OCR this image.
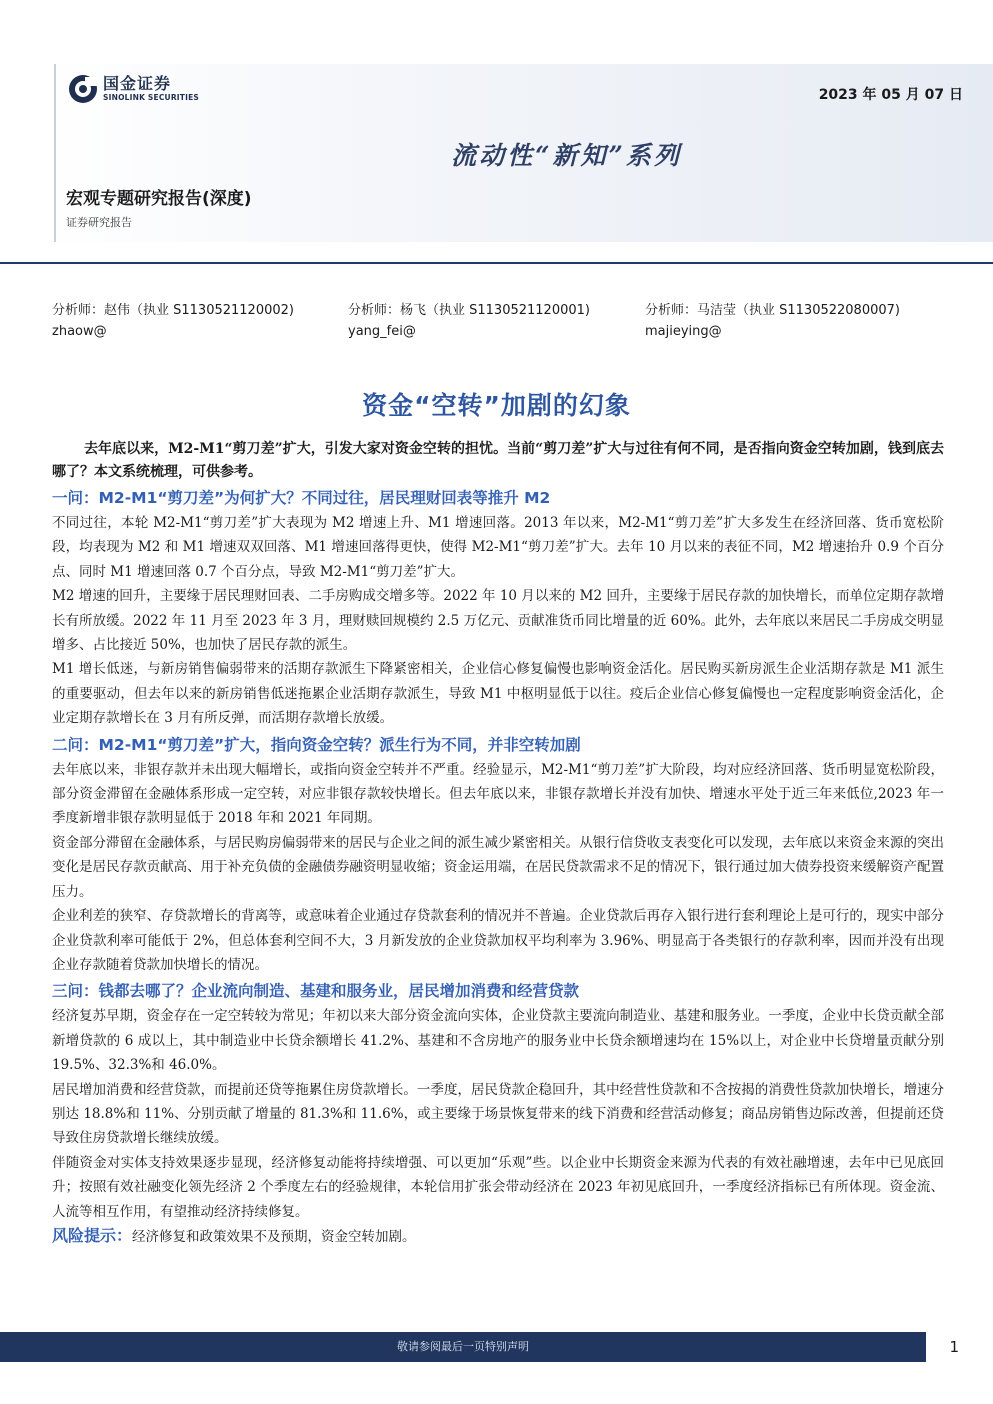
国金证券
SINOLINK SECURITIES	2023 年 05 月 07 日
流动性“新知”系列
宏观专题研究报告(深度)
证券研究报告
分析师：赵伟（执业 S1130521120002)
zhaow@
分析师：杨飞（执业 S1130521120001)
yang_fei@
分析师：马洁莹（执业 S1130522080007)
majieying@
资金“空转”加剧的幻象

去年底以来，M2-M1“剪刀差”扩大，引发大家对资金空转的担忧。当前“剪刀差”扩大与过往有何不同，是否指向资金空转加剧，钱到底去哪了？本文系统梳理，可供参考。

一问：M2-M1“剪刀差”为何扩大？不同过往，居民理财回表等推升 M2

不同过往，本轮 M2-M1“剪刀差”扩大表现为 M2 增速上升、M1 增速回落。2013 年以来，M2-M1“剪刀差”扩大多发生在经济回落、货币宽松阶段，均表现为 M2 和 M1 增速双双回落、M1 增速回落得更快，使得 M2-M1“剪刀差”扩大。去年 10 月以来的表征不同，M2 增速抬升 0.9 个百分点、同时 M1 增速回落 0.7 个百分点，导致 M2-M1“剪刀差”扩大。

M2 增速的回升，主要缘于居民理财回表、二手房购成交增多等。2022 年 10 月以来的 M2 回升，主要缘于居民存款的加快增长，而单位定期存款增长有所放缓。2022 年 11 月至 2023 年 3 月，理财赎回规模约 2.5 万亿元、贡献准货币同比增量的近 60%。此外，去年底以来居民二手房成交明显增多、占比接近 50%，也加快了居民存款的派生。

M1 增长低迷，与新房销售偏弱带来的活期存款派生下降紧密相关，企业信心修复偏慢也影响资金活化。居民购买新房派生企业活期存款是 M1 派生的重要驱动，但去年以来的新房销售低迷拖累企业活期存款派生，导致 M1 中枢明显低于以往。疫后企业信心修复偏慢也一定程度影响资金活化，企业定期存款增长在 3 月有所反弹，而活期存款增长放缓。

二问：M2-M1“剪刀差”扩大，指向资金空转？派生行为不同，并非空转加剧

去年底以来，非银存款并未出现大幅增长，或指向资金空转并不严重。经验显示，M2-M1“剪刀差”扩大阶段，均对应经济回落、货币明显宽松阶段，部分资金滞留在金融体系形成一定空转，对应非银存款较快增长。但去年底以来，非银存款增长并没有加快、增速水平处于近三年来低位,2023 年一季度新增非银存款明显低于 2018 年和 2021 年同期。

资金部分滞留在金融体系，与居民购房偏弱带来的居民与企业之间的派生减少紧密相关。从银行信贷收支表变化可以发现，去年底以来资金来源的突出变化是居民存款贡献高、用于补充负债的金融债券融资明显收缩；资金运用端，在居民贷款需求不足的情况下，银行通过加大债券投资来缓解资产配置压力。

企业利差的狭窄、存贷款增长的背离等，或意味着企业通过存贷款套利的情况并不普遍。企业贷款后再存入银行进行套利理论上是可行的，现实中部分企业贷款利率可能低于 2%，但总体套利空间不大，3 月新发放的企业贷款加权平均利率为 3.96%、明显高于各类银行的存款利率，因而并没有出现企业存款随着贷款加快增长的情况。

三问：钱都去哪了？企业流向制造、基建和服务业，居民增加消费和经营贷款

经济复苏早期，资金存在一定空转较为常见；年初以来大部分资金流向实体，企业贷款主要流向制造业、基建和服务业。一季度，企业中长贷贡献全部新增贷款的 6 成以上，其中制造业中长贷余额增长 41.2%、基建和不含房地产的服务业中长贷余额增速均在 15%以上，对企业中长贷增量贡献分别 19.5%、32.3%和 46.0%。

居民增加消费和经营贷款，而提前还贷等拖累住房贷款增长。一季度，居民贷款企稳回升，其中经营性贷款和不含按揭的消费性贷款加快增长，增速分别达 18.8%和 11%、分别贡献了增量的 81.3%和 11.6%，或主要缘于场景恢复带来的线下消费和经营活动修复；商品房销售边际改善，但提前还贷导致住房贷款增长继续放缓。

伴随资金对实体支持效果逐步显现，经济修复动能将持续增强、可以更加“乐观”些。以企业中长期资金来源为代表的有效社融增速，去年中已见底回升；按照有效社融变化领先经济 2 个季度左右的经验规律，本轮信用扩张会带动经济在 2023 年初见底回升，一季度经济指标已有所体现。资金流、人流等相互作用，有望推动经济持续修复。

风险提示：经济修复和政策效果不及预期，资金空转加剧。

敬请参阅最后一页特别声明	1
